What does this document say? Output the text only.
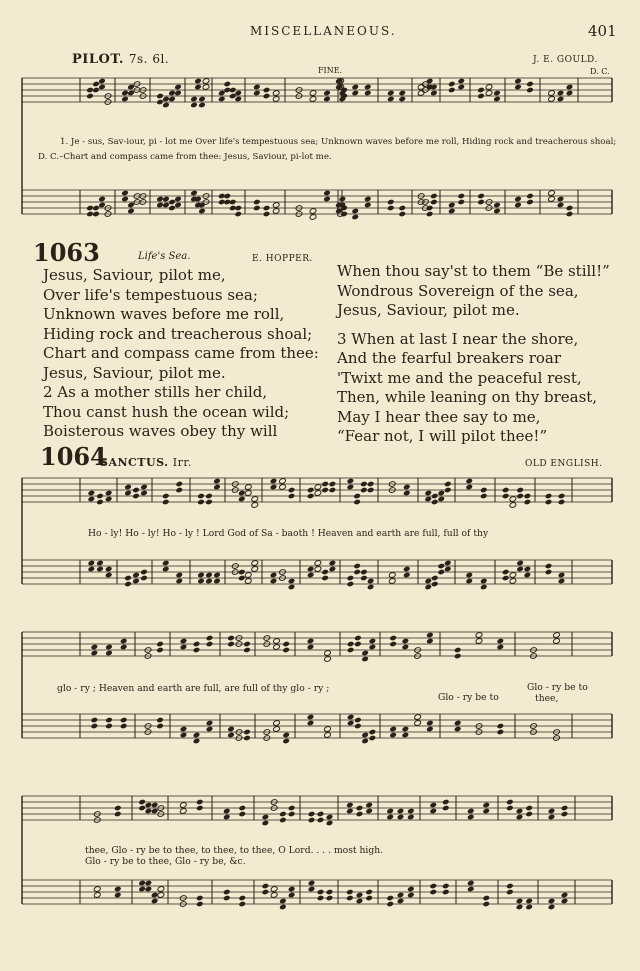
MISCELLANEOUS.	401
PILOT. 7s. 6l.	J. E. GOULD.
FINE.	D. C.
1. Je - sus, Sav-iour, pi - lot me Over life's tempestuous sea; Unknown waves before me roll, Hiding rock and treacherous shoal;
D. C.–Chart and compass came from thee: Jesus, Saviour, pi-lot me.
1063	Life's Sea.	E. HOPPER.
Jesus, Saviour, pilot me,
Over life's tempestuous sea;
Unknown waves before me roll,
Hiding rock and treacherous shoal;
Chart and compass came from thee:
Jesus, Saviour, pilot me.
2 As a mother stills her child,
Thou canst hush the ocean wild;
Boisterous waves obey thy will
When thou say'st to them “Be still!”
Wondrous Sovereign of the sea,
Jesus, Saviour, pilot me.
3 When at last I near the shore,
And the fearful breakers roar
'Twixt me and the peaceful rest,
Then, while leaning on thy breast,
May I hear thee say to me,
“Fear not, I will pilot thee!”
1064
SANCTUS. Irr.	OLD ENGLISH.
Ho - ly! Ho - ly! Ho - ly ! Lord God of Sa - baoth ! Heaven and earth are full, full of thy
glo - ry ; Heaven and earth are full, are full of thy glo - ry ;
Glo - ry be to
Glo - ry be to
thee,
thee, Glo - ry be to thee, to thee, to thee, O Lord. . . . most high.
Glo - ry be to thee, Glo - ry be, &c.
